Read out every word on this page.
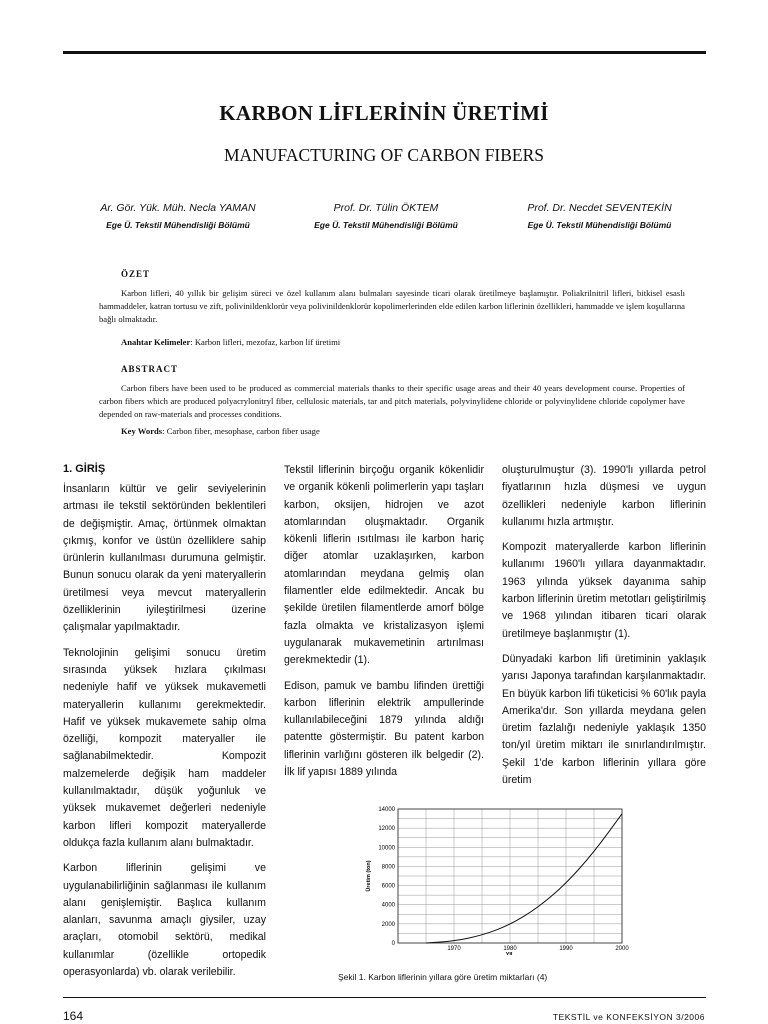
KARBON LİFLERİNİN ÜRETİMİ
MANUFACTURING OF CARBON FIBERS
Ar. Gör. Yük. Müh. Necla YAMAN
Ege Ü. Tekstil Mühendisliği Bölümü
Prof. Dr. Tülin ÖKTEM
Ege Ü. Tekstil Mühendisliği Bölümü
Prof. Dr. Necdet SEVENTEKİN
Ege Ü. Tekstil Mühendisliği Bölümü
ÖZET

Karbon lifleri, 40 yıllık bir gelişim süreci ve özel kullanım alanı bulmaları sayesinde ticari olarak üretilmeye başlamıştır. Poliakrilnitril lifleri, bitkisel esaslı hammaddeler, katran tortusu ve zift, polivinildenklorür veya polivinildenklorür kopolimerlerinden elde edilen karbon liflerinin özellikleri, hammadde ve işlem koşullarına bağlı olmaktadır.

Anahtar Kelimeler: Karbon lifleri, mezofaz, karbon lif üretimi
ABSTRACT

Carbon fibers have been used to be produced as commercial materials thanks to their specific usage areas and their 40 years development course. Properties of carbon fibers which are produced polyacrylonitryl fiber, cellulosic materials, tar and pitch materials, polyvinylidene chloride or polyvinylidene chloride copolymer have depended on raw-materials and processes conditions.

Key Words: Carbon fiber, mesophase, carbon fiber usage
1. GİRİŞ

İnsanların kültür ve gelir seviyelerinin artması ile tekstil sektöründen beklentileri de değişmiştir. Amaç, örtünmek olmaktan çıkmış, konfor ve üstün özelliklere sahip ürünlerin kullanılması durumuna gelmiştir. Bunun sonucu olarak da yeni materyallerin üretilmesi veya mevcut materyallerin özelliklerinin iyileştirilmesi üzerine çalışmalar yapılmaktadır.

Teknolojinin gelişimi sonucu üretim sırasında yüksek hızlara çıkılması nedeniyle hafif ve yüksek mukavemetli materyallerin kullanımı gerekmektedir. Hafif ve yüksek mukavemete sahip olma özelliği, kompozit materyaller ile sağlanabilmektedir. Kompozit malzemelerde değişik ham maddeler kullanılmaktadır, düşük yoğunluk ve yüksek mukavemet değerleri nedeniyle karbon lifleri kompozit materyallerde oldukça fazla kullanım alanı bulmaktadır.

Karbon liflerinin gelişimi ve uygulanabilirliğinin sağlanması ile kullanım alanı genişlemiştir. Başlıca kullanım alanları, savunma amaçlı giysiler, uzay araçları, otomobil sektörü, medikal kullanımlar (özellikle ortopedik operasyonlarda) vb. olarak verilebilir.

Tekstil liflerinin birçoğu organik kökenlidir ve organik kökenli polimerlerin yapı taşları karbon, oksijen, hidrojen ve azot atomlarından oluşmaktadır. Organik kökenli liflerin ısıtılması ile karbon hariç diğer atomlar uzaklaşırken, karbon atomlarından meydana gelmiş olan filamentler elde edilmektedir. Ancak bu şekilde üretilen filamentlerde amorf bölge fazla olmakta ve kristalizasyon işlemi uygulanarak mukavemetinin artırılması gerekmektedir (1).

Edison, pamuk ve bambu lifinden ürettiği karbon liflerinin elektrik ampullerinde kullanılabileceğini 1879 yılında aldığı patentte göstermiştir. Bu patent karbon liflerinin varlığını gösteren ilk belgedir (2). İlk lif yapısı 1889 yılında

oluşturulmuştur (3). 1990'lı yıllarda petrol fiyatlarının hızla düşmesi ve uygun özellikleri nedeniyle karbon liflerinin kullanımı hızla artmıştır.

Kompozit materyallerde karbon liflerinin kullanımı 1960'lı yıllara dayanmaktadır. 1963 yılında yüksek dayanıma sahip karbon liflerinin üretim metotları geliştirilmiş ve 1968 yılından itibaren ticari olarak üretilmeye başlanmıştır (1).

Dünyadaki karbon lifi üretiminin yaklaşık yarısı Japonya tarafından karşılanmaktadır. En büyük karbon lifi tüketicisi % 60'lık payla Amerika'dır. Son yıllarda meydana gelen üretim fazlalığı nedeniyle yaklaşık 1350 ton/yıl üretim miktarı ile sınırlandırılmıştır. Şekil 1'de karbon liflerinin yıllara göre üretim

0
2000
4000
6000
8000
10000
12000
14000
1970	1980	1990	2000
YIL
Üretim (ton)
Şekil 1. Karbon liflerinin yıllara göre üretim miktarları (4)
164	TEKSTİL ve KONFEKSİYON 3/2006
